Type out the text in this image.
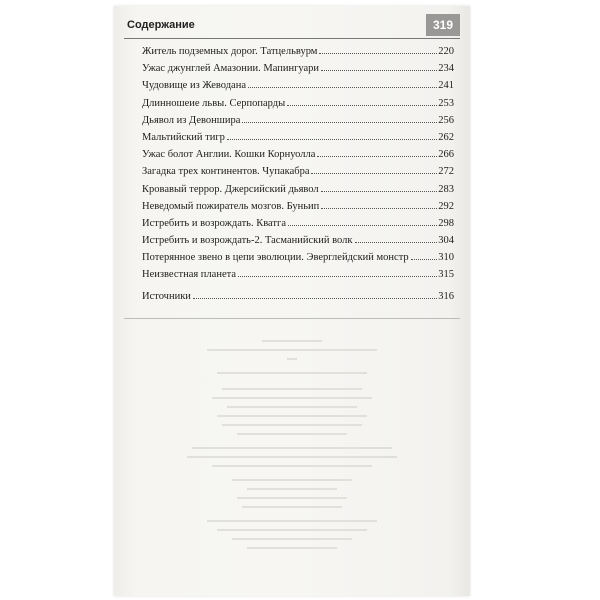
Содержание	319
Житель подземных дорог. Татцельвурм	220
Ужас джунглей Амазонии. Мапингуари	234
Чудовище из Жеводана	241
Длинношеие львы. Серпопарды	253
Дьявол из Девоншира	256
Мальтийский тигр	262
Ужас болот Англии. Кошки Корнуолла	266
Загадка трех континентов. Чупакабра	272
Кровавый террор. Джерсийский дьявол	283
Неведомый пожиратель мозгов. Буньип	292
Истребить и возрождать. Кватга	298
Истребить и возрождать-2. Тасманийский волк	304
Потерянное звено в цепи эволюции. Эверглейдский монстр	310
Неизвестная планета	315
Источники	316
